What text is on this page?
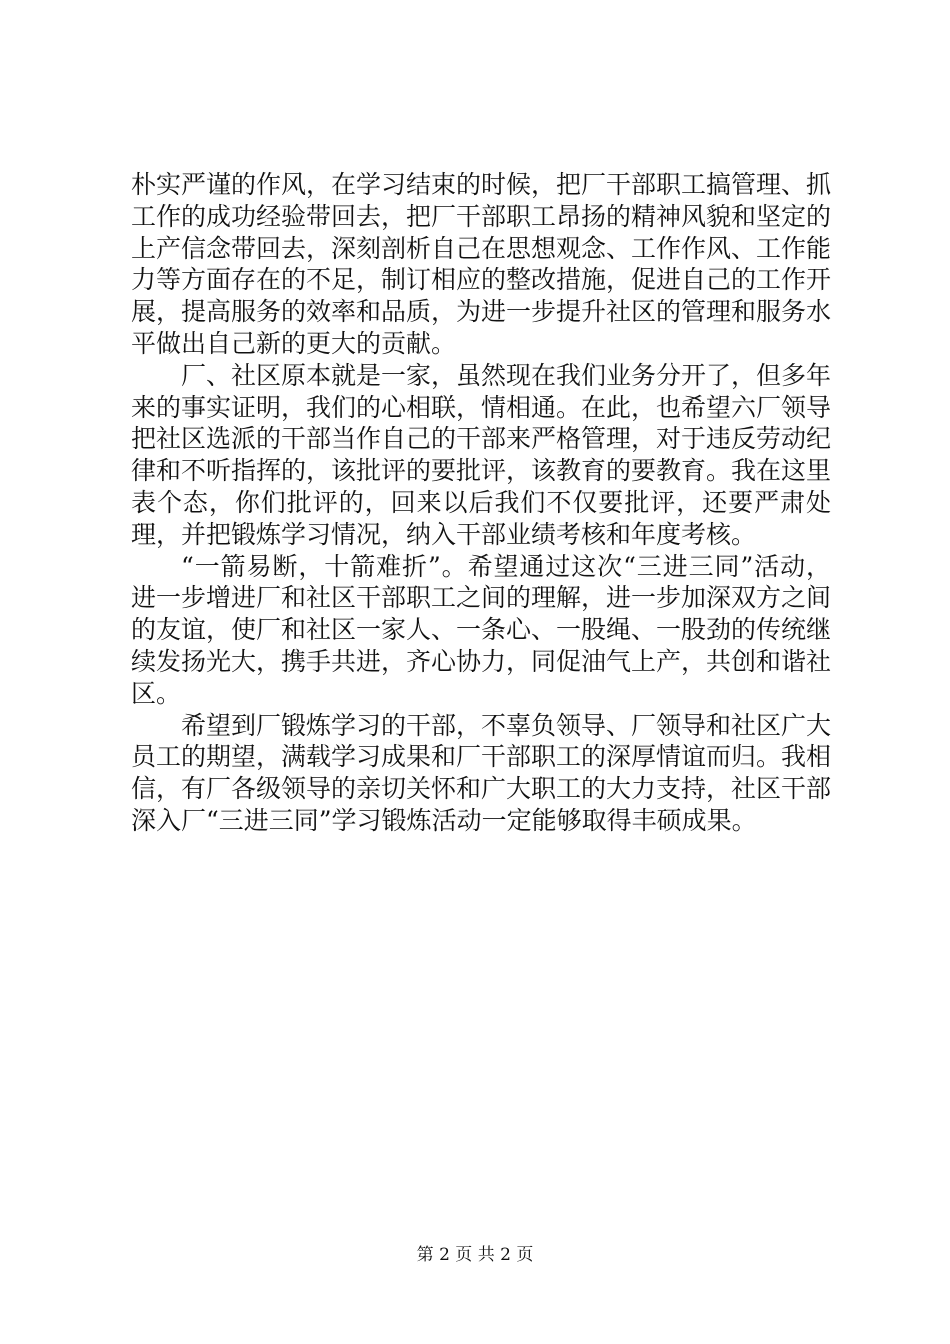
朴实严谨的作风，在学习结束的时候，把厂干部职工搞管理、抓工作的成功经验带回去，把厂干部职工昂扬的精神风貌和坚定的上产信念带回去，深刻剖析自己在思想观念、工作作风、工作能力等方面存在的不足，制订相应的整改措施，促进自己的工作开展，提高服务的效率和品质，为进一步提升社区的管理和服务水平做出自己新的更大的贡献。

厂、社区原本就是一家，虽然现在我们业务分开了，但多年来的事实证明，我们的心相联，情相通。在此，也希望六厂领导把社区选派的干部当作自己的干部来严格管理，对于违反劳动纪律和不听指挥的，该批评的要批评，该教育的要教育。我在这里表个态，你们批评的，回来以后我们不仅要批评，还要严肃处理，并把锻炼学习情况，纳入干部业绩考核和年度考核。

“一箭易断，十箭难折”。希望通过这次“三进三同”活动，进一步增进厂和社区干部职工之间的理解，进一步加深双方之间的友谊，使厂和社区一家人、一条心、一股绳、一股劲的传统继续发扬光大，携手共进，齐心协力，同促油气上产，共创和谐社区。

希望到厂锻炼学习的干部，不辜负领导、厂领导和社区广大员工的期望，满载学习成果和厂干部职工的深厚情谊而归。我相信，有厂各级领导的亲切关怀和广大职工的大力支持，社区干部深入厂“三进三同”学习锻炼活动一定能够取得丰硕成果。

第 2 页 共 2 页
